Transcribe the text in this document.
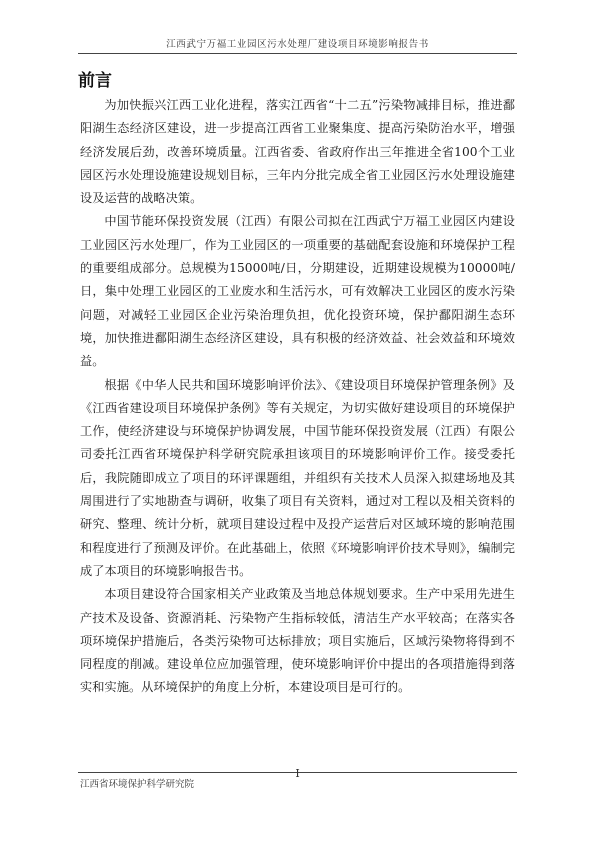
江西武宁万福工业园区污水处理厂建设项目环境影响报告书
前言

为加快振兴江西工业化进程，落实江西省“十二五”污染物减排目标，推进鄱阳湖生态经济区建设，进一步提高江西省工业聚集度、提高污染防治水平，增强经济发展后劲，改善环境质量。江西省委、省政府作出三年推进全省100个工业园区污水处理设施建设规划目标，三年内分批完成全省工业园区污水处理设施建设及运营的战略决策。

中国节能环保投资发展（江西）有限公司拟在江西武宁万福工业园区内建设工业园区污水处理厂，作为工业园区的一项重要的基础配套设施和环境保护工程的重要组成部分。总规模为15000吨/日，分期建设，近期建设规模为10000吨/日，集中处理工业园区的工业废水和生活污水，可有效解决工业园区的废水污染问题，对减轻工业园区企业污染治理负担，优化投资环境，保护鄱阳湖生态环境，加快推进鄱阳湖生态经济区建设，具有积极的经济效益、社会效益和环境效益。

根据《中华人民共和国环境影响评价法》、《建设项目环境保护管理条例》及《江西省建设项目环境保护条例》等有关规定，为切实做好建设项目的环境保护工作，使经济建设与环境保护协调发展，中国节能环保投资发展（江西）有限公司委托江西省环境保护科学研究院承担该项目的环境影响评价工作。接受委托后，我院随即成立了项目的环评课题组，并组织有关技术人员深入拟建场地及其周围进行了实地勘查与调研，收集了项目有关资料，通过对工程以及相关资料的研究、整理、统计分析，就项目建设过程中及投产运营后对区域环境的影响范围和程度进行了预测及评价。在此基础上，依照《环境影响评价技术导则》，编制完成了本项目的环境影响报告书。

本项目建设符合国家相关产业政策及当地总体规划要求。生产中采用先进生产技术及设备、资源消耗、污染物产生指标较低，清洁生产水平较高；在落实各项环境保护措施后，各类污染物可达标排放；项目实施后，区域污染物将得到不同程度的削减。建设单位应加强管理，使环境影响评价中提出的各项措施得到落实和实施。从环境保护的角度上分析，本建设项目是可行的。

江西省环境保护科学研究院
I
